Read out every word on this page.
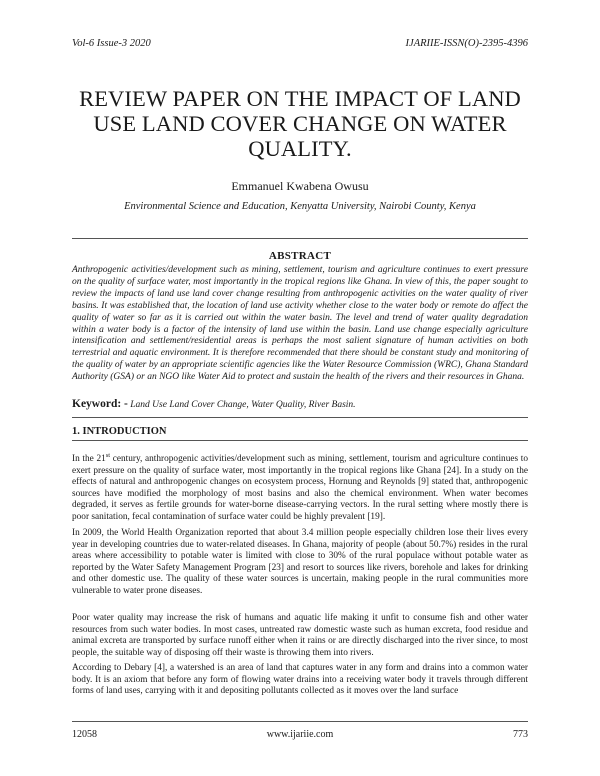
Vol-6 Issue-3 2020	IJARIIE-ISSN(O)-2395-4396
REVIEW PAPER ON THE IMPACT OF LAND USE LAND COVER CHANGE ON WATER QUALITY.
Emmanuel Kwabena Owusu
Environmental Science and Education, Kenyatta University, Nairobi County, Kenya
ABSTRACT
Anthropogenic activities/development such as mining, settlement, tourism and agriculture continues to exert pressure on the quality of surface water, most importantly in the tropical regions like Ghana. In view of this, the paper sought to review the impacts of land use land cover change resulting from anthropogenic activities on the water quality of river basins. It was established that, the location of land use activity whether close to the water body or remote do affect the quality of water so far as it is carried out within the water basin. The level and trend of water quality degradation within a water body is a factor of the intensity of land use within the basin. Land use change especially agriculture intensification and settlement/residential areas is perhaps the most salient signature of human activities on both terrestrial and aquatic environment. It is therefore recommended that there should be constant study and monitoring of the quality of water by an appropriate scientific agencies like the Water Resource Commission (WRC), Ghana Standard Authority (GSA) or an NGO like Water Aid to protect and sustain the health of the rivers and their resources in Ghana.
Keyword: - Land Use Land Cover Change, Water Quality, River Basin.
1. INTRODUCTION
In the 21st century, anthropogenic activities/development such as mining, settlement, tourism and agriculture continues to exert pressure on the quality of surface water, most importantly in the tropical regions like Ghana [24]. In a study on the effects of natural and anthropogenic changes on ecosystem process, Hornung and Reynolds [9] stated that, anthropogenic sources have modified the morphology of most basins and also the chemical environment. When water becomes degraded, it serves as fertile grounds for water-borne disease-carrying vectors. In the rural setting where mostly there is poor sanitation, fecal contamination of surface water could be highly prevalent [19].
In 2009, the World Health Organization reported that about 3.4 million people especially children lose their lives every year in developing countries due to water-related diseases. In Ghana, majority of people (about 50.7%) resides in the rural areas where accessibility to potable water is limited with close to 30% of the rural populace without potable water as reported by the Water Safety Management Program [23] and resort to sources like rivers, borehole and lakes for drinking and other domestic use. The quality of these water sources is uncertain, making people in the rural communities more vulnerable to water prone diseases.
Poor water quality may increase the risk of humans and aquatic life making it unfit to consume fish and other water resources from such water bodies. In most cases, untreated raw domestic waste such as human excreta, food residue and animal excreta are transported by surface runoff either when it rains or are directly discharged into the river since, to most people, the suitable way of disposing off their waste is throwing them into rivers.
According to Debary [4], a watershed is an area of land that captures water in any form and drains into a common water body. It is an axiom that before any form of flowing water drains into a receiving water body it travels through different forms of land uses, carrying with it and depositing pollutants collected as it moves over the land surface
12058	www.ijariie.com	773
